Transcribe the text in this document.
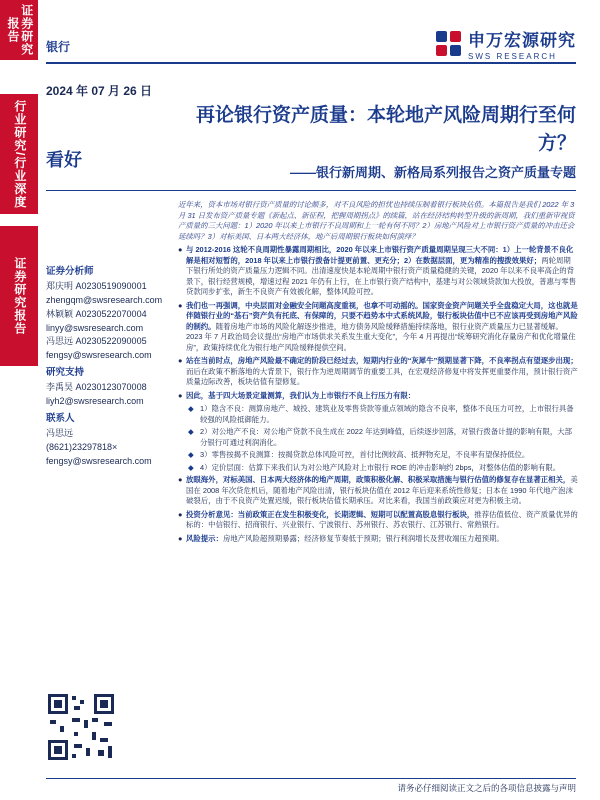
证券研究报告
行业研究/行业深度
证券研究报告
银行	申万宏源研究
SWS RESEARCH
2024 年 07 月 26 日
看好
再论银行资产质量：本轮地产风险周期行至何方？
——银行新周期、新格局系列报告之资产质量专题
证券分析师
郑庆明 A0230519090001
zhengqm@swsresearch.com
林颖颖 A0230522070004
linyy@swsresearch.com
冯思远 A0230522090005
fengsy@swsresearch.com
研究支持
李禹昊 A0230123070008
liyh2@swsresearch.com
联系人
冯思远
(8621)23297818×
fengsy@swsresearch.com
近年来，资本市场对银行资产质量的讨论颇多，对不良风险的担忧也持续压制着银行板块估值。本篇报告是我们 2022 年 3 月 31 日发布资产质量专题《新起点、新征程，把握周期拐点》的续篇，站在经济结构转型升级的新周期，我们重新审视资产质量的三大问题：1）2020 年以来上市银行不良周期和上一轮有何不同？2）房地产风险对上市银行资产质量的冲击还会延续吗？3）对标美国、日本两大经济体，地产后周期银行板块如何演绎？
● 与 2012-2016 这轮不良周期性暴露周期相比，2020 年以来上市银行资产质量周期呈现三大不同：1）上一轮背景不良化解是相对短暂的，2018 年以来上市银行拨备计提更前置、更充分；2）在数据层面，更为精准的搜拨效果好；两轮周期下银行所处的资产质量压力逻辑不同。出清速度快是本轮周期中银行资产质量稳健的关键，2020 年以来不良率高企的背景下，银行经营规模，增速过程 2021 年仍有上行，在上市银行资产结构中，基建与对公领域贷款加大投放，普惠与零售贷款同步扩张，新生不良资产有效被化解，整体风险可控。
● 我们也一再强调，中央层面对金融安全问题高度重视，也拿不可动摇的。国家资金资产问题关乎全盘稳定大局，这也就是伴随银行业的“基石”资产负有托底、有保障的，只要不趋势本中式系统风险，银行板块估值中已不应该再受到房地产风险的制约。随着房地产市场的风险化解逐步推进，地方债务风险缓释措施持续落地，银行业资产质量压力已显著缓解。2023 年 7 月政治局会议提出“房地产市场供求关系发生重大变化”，今年 4 月再提出“统筹研究消化存量房产和优化增量住房”，政策持续优化为银行地产风险缓释提供空间。
● 站在当前时点，房地产风险最不确定的阶段已经过去，短期内行业的“灰犀牛”预期显著下降，不良率拐点有望逐步出现；而后在政策不断落地的大背景下，银行作为逆周期调节的重要工具，在宏观经济修复中将发挥更重要作用，预计银行资产质量边际改善，板块估值有望修复。
● 因此，基于四大场景定量测算，我们认为上市银行不良上行压力有限：
◆ 1）隐含不良：测算房地产、城投、建筑业及零售贷款等重点领域的隐含不良率，整体不良压力可控，上市银行具备较强的风险抵御能力。
◆ 2）对公地产不良：对公地产贷款不良生成在 2022 年达到峰值，后续逐步回落，对银行拨备计提的影响有限，大部分银行可通过利润消化。
◆ 3）零售按揭不良测算：按揭贷款总体风险可控，首付比例较高、抵押物充足，不良率有望保持低位。
◆ 4）定价层面：估算下来我们认为对公地产风险对上市银行 ROE 的冲击影响约 2bps，对整体估值的影响有限。
● 放眼海外，对标美国、日本两大经济体的地产周期，政策积极化解、积极采取措施与银行估值的修复存在显著正相关，美国在 2008 年次贷危机后，随着地产风险出清，银行板块估值在 2012 年后迎来系统性修复；日本在 1990 年代地产泡沫破裂后，由于不良资产处置迟缓，银行板块估值长期承压。对比来看，我国当前政策应对更为积极主动。
● 投资分析意见：当前政策正在发生积极变化，长期逻辑、短期可以配置高股息银行板块，推荐估值低位、资产质量优异的标的：中信银行、招商银行、兴业银行、宁波银行、苏州银行、苏农银行、江苏银行、常熟银行。
● 风险提示：房地产风险超预期暴露；经济修复节奏低于预期；银行利润增长及营收端压力超预期。
请务必仔细阅读正文之后的各项信息披露与声明
